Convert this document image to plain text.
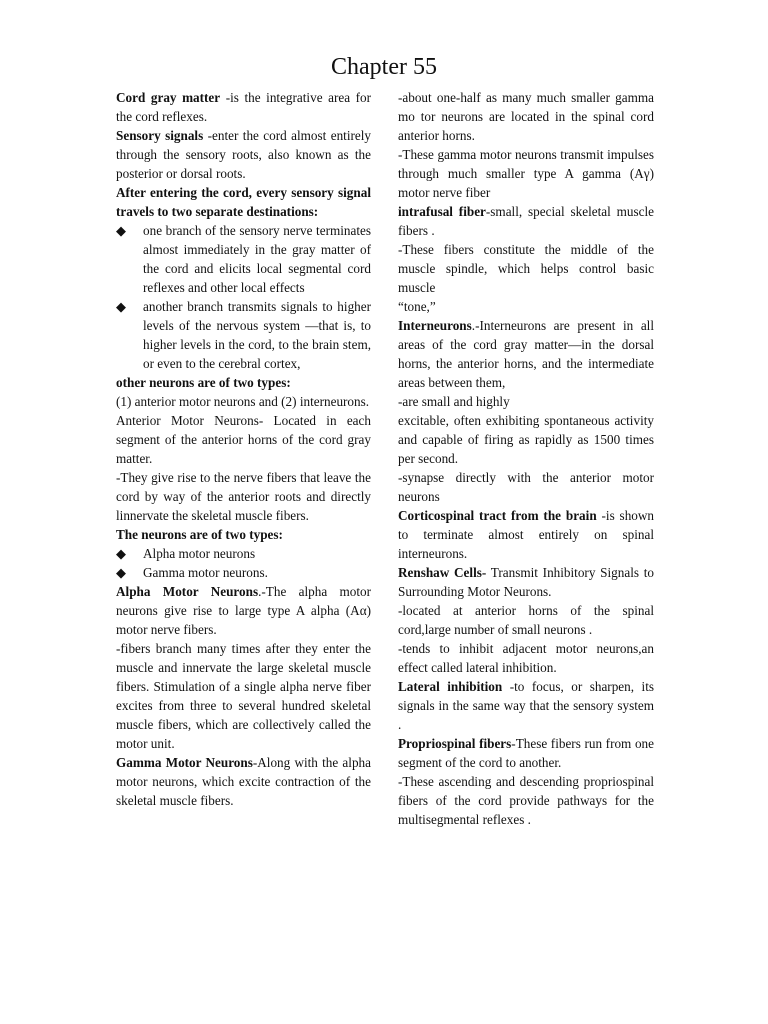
Chapter 55

Cord gray matter -is the integrative area for the cord reflexes.

Sensory signals -enter the cord almost entirely through the sensory roots, also known as the posterior or dorsal roots.

After entering the cord, every sensory signal travels to two separate destinations:

◆	one branch of the sensory nerve terminates almost immediately in the gray matter of the cord and elicits local segmental cord reflexes and other local effects
◆	another branch transmits signals to higher levels of the nervous system —that is, to higher levels in the cord, to the brain stem, or even to the cerebral cortex,

other neurons are of two types:

(1) anterior motor neurons and (2) interneurons.

Anterior Motor Neurons- Located in each segment of the anterior horns of the cord gray matter.

-They give rise to the nerve fibers that leave the cord by way of the anterior roots and directly linnervate the skeletal muscle fibers.

The neurons are of two types:

◆	Alpha motor neurons
◆	Gamma motor neurons.

Alpha Motor Neurons.-The alpha motor neurons give rise to large type A alpha (Aα) motor nerve fibers.

-fibers branch many times after they enter the muscle and innervate the large skeletal muscle fibers. Stimulation of a single alpha nerve fiber excites from three to several hundred skeletal muscle fibers, which are collectively called the motor unit.

Gamma Motor Neurons-Along with the alpha motor neurons, which excite contraction of the skeletal muscle fibers.

-about one-half as many much smaller gamma mo tor neurons are located in the spinal cord anterior horns.

-These gamma motor neurons transmit impulses through much smaller type A gamma (Aγ) motor nerve fiber

intrafusal fiber-small, special skeletal muscle fibers .

-These fibers constitute the middle of the muscle spindle, which helps control basic muscle

“tone,”

Interneurons.-Interneurons are present in all areas of the cord gray matter—in the dorsal horns, the anterior horns, and the intermediate areas between them,

-are small and highly

excitable, often exhibiting spontaneous activity and capable of firing as rapidly as 1500 times per second.

-synapse directly with the anterior motor neurons

Corticospinal tract from the brain -is shown to terminate almost entirely on spinal interneurons.

Renshaw Cells- Transmit Inhibitory Signals to Surrounding Motor Neurons.

-located at anterior horns of the spinal cord,large number of small neurons .

-tends to inhibit adjacent motor neurons,an effect called lateral inhibition.

Lateral inhibition -to focus, or sharpen, its signals in the same way that the sensory system .

Propriospinal fibers-These fibers run from one segment of the cord to another.

-These ascending and descending propriospinal fibers of the cord provide pathways for the multisegmental reflexes .
